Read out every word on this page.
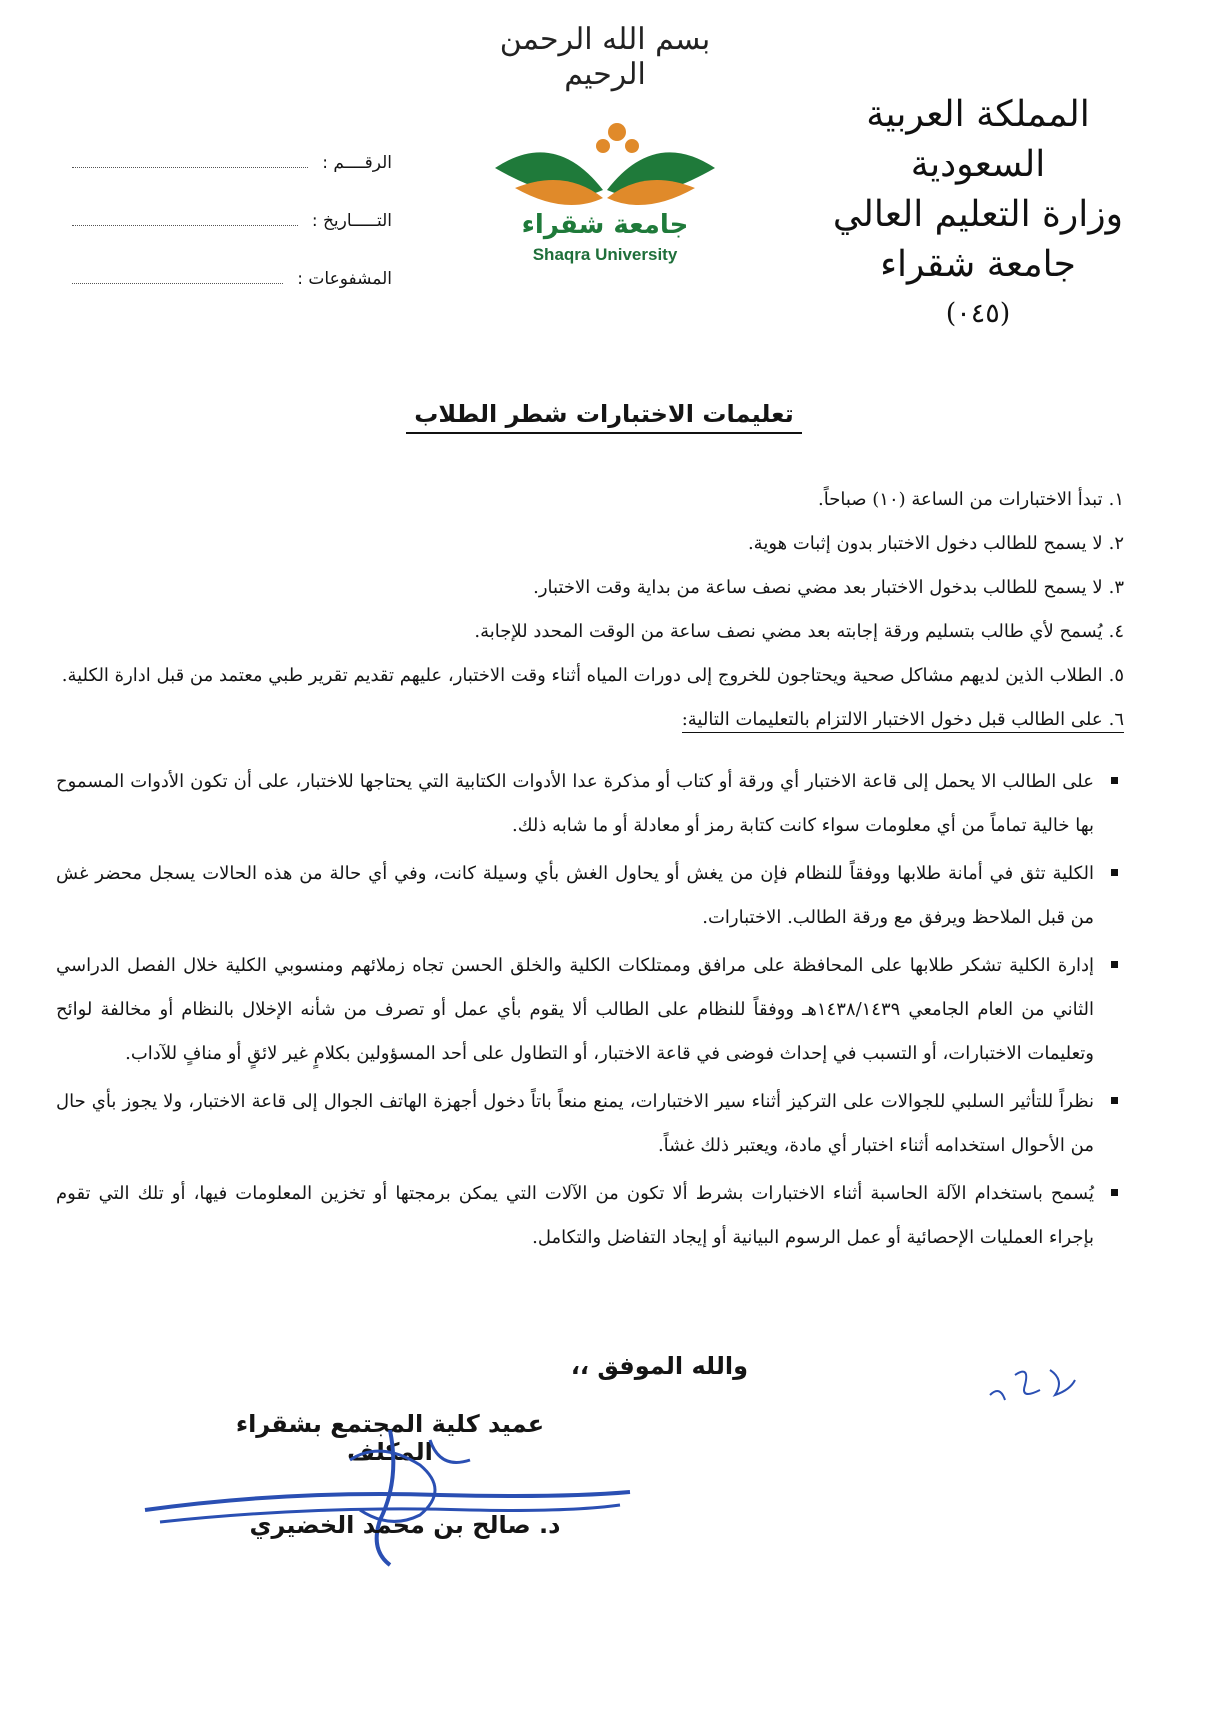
بسم الله الرحمن الرحيم
المملكة العربية السعودية
وزارة التعليم العالي
جامعة شقراء
(٠٤٥)
جامعة شقراء
Shaqra University
الرقــــم :
التـــــاريخ :
المشفوعات :
تعليمات الاختبارات شطر الطلاب

١.تبدأ الاختبارات من الساعة (١٠) صباحاً.

٢.لا يسمح للطالب دخول الاختبار بدون إثبات هوية.

٣.لا يسمح للطالب بدخول الاختبار بعد مضي نصف ساعة من بداية وقت الاختبار.

٤.يُسمح لأي طالب بتسليم ورقة إجابته بعد مضي نصف ساعة من الوقت المحدد للإجابة.

٥.الطلاب الذين لديهم مشاكل صحية ويحتاجون للخروج إلى دورات المياه أثناء وقت الاختبار، عليهم تقديم تقرير طبي معتمد من قبل ادارة الكلية.

٦.على الطالب قبل دخول الاختبار الالتزام بالتعليمات التالية:

على الطالب الا يحمل إلى قاعة الاختبار أي ورقة أو كتاب أو مذكرة عدا الأدوات الكتابية التي يحتاجها للاختبار، على أن تكون الأدوات المسموح بها خالية تماماً من أي معلومات سواء كانت كتابة رمز أو معادلة أو ما شابه ذلك.
الكلية تثق في أمانة طلابها ووفقاً للنظام فإن من يغش أو يحاول الغش بأي وسيلة كانت، وفي أي حالة من هذه الحالات يسجل محضر غش من قبل الملاحظ ويرفق مع ورقة الطالب. الاختبارات.
إدارة الكلية تشكر طلابها على المحافظة على مرافق وممتلكات الكلية والخلق الحسن تجاه زملائهم ومنسوبي الكلية خلال الفصل الدراسي الثاني من العام الجامعي ١٤٣٨/١٤٣٩هـ ووفقاً للنظام على الطالب ألا يقوم بأي عمل أو تصرف من شأنه الإخلال بالنظام أو مخالفة لوائح وتعليمات الاختبارات، أو التسبب في إحداث فوضى في قاعة الاختبار، أو التطاول على أحد المسؤولين بكلامٍ غير لائقٍ أو منافٍ للآداب.
نظراً للتأثير السلبي للجوالات على التركيز أثناء سير الاختبارات، يمنع منعاً باتاً دخول أجهزة الهاتف الجوال إلى قاعة الاختبار، ولا يجوز بأي حال من الأحوال استخدامه أثناء اختبار أي مادة، ويعتبر ذلك غشاً.
يُسمح باستخدام الآلة الحاسبة أثناء الاختبارات بشرط ألا تكون من الآلات التي يمكن برمجتها أو تخزين المعلومات فيها، أو تلك التي تقوم بإجراء العمليات الإحصائية أو عمل الرسوم البيانية أو إيجاد التفاضل والتكامل.
والله الموفق ،،
عميد كلية المجتمع بشقراء المكلف
د. صالح بن محمد الخضيري
